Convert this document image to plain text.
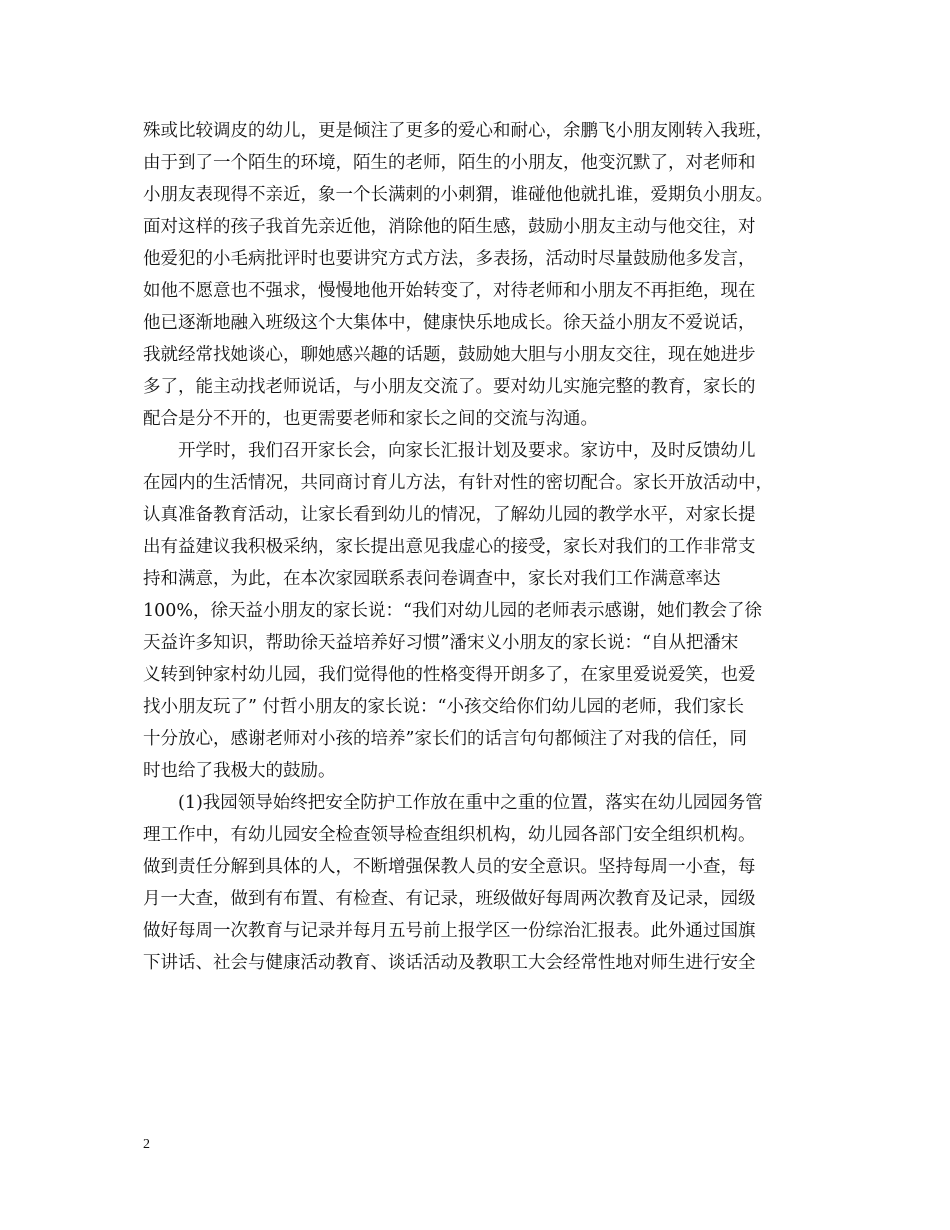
殊或比较调皮的幼儿，更是倾注了更多的爱心和耐心，余鹏飞小朋友刚转入我班，
由于到了一个陌生的环境，陌生的老师，陌生的小朋友，他变沉默了，对老师和
小朋友表现得不亲近，象一个长满刺的小刺猬，谁碰他他就扎谁，爱期负小朋友。
面对这样的孩子我首先亲近他，消除他的陌生感，鼓励小朋友主动与他交往，对
他爱犯的小毛病批评时也要讲究方式方法，多表扬，活动时尽量鼓励他多发言，
如他不愿意也不强求，慢慢地他开始转变了，对待老师和小朋友不再拒绝，现在
他已逐渐地融入班级这个大集体中，健康快乐地成长。徐天益小朋友不爱说话，
我就经常找她谈心，聊她感兴趣的话题，鼓励她大胆与小朋友交往，现在她进步
多了，能主动找老师说话，与小朋友交流了。要对幼儿实施完整的教育，家长的
配合是分不开的，也更需要老师和家长之间的交流与沟通。
开学时，我们召开家长会，向家长汇报计划及要求。家访中，及时反馈幼儿
在园内的生活情况，共同商讨育儿方法，有针对性的密切配合。家长开放活动中，
认真准备教育活动，让家长看到幼儿的情况，了解幼儿园的教学水平，对家长提
出有益建议我积极采纳，家长提出意见我虚心的接受，家长对我们的工作非常支
持和满意，为此，在本次家园联系表问卷调查中，家长对我们工作满意率达
100%，徐天益小朋友的家长说：“我们对幼儿园的老师表示感谢，她们教会了徐
天益许多知识，帮助徐天益培养好习惯”潘宋义小朋友的家长说：“自从把潘宋
义转到钟家村幼儿园，我们觉得他的性格变得开朗多了，在家里爱说爱笑，也爱
找小朋友玩了” 付哲小朋友的家长说：“小孩交给你们幼儿园的老师，我们家长
十分放心，感谢老师对小孩的培养”家长们的话言句句都倾注了对我的信任，同
时也给了我极大的鼓励。
(1)我园领导始终把安全防护工作放在重中之重的位置，落实在幼儿园园务管
理工作中，有幼儿园安全检查领导检查组织机构，幼儿园各部门安全组织机构。
做到责任分解到具体的人，不断增强保教人员的安全意识。坚持每周一小查，每
月一大查，做到有布置、有检查、有记录，班级做好每周两次教育及记录，园级
做好每周一次教育与记录并每月五号前上报学区一份综治汇报表。此外通过国旗
下讲话、社会与健康活动教育、谈话活动及教职工大会经常性地对师生进行安全
2
